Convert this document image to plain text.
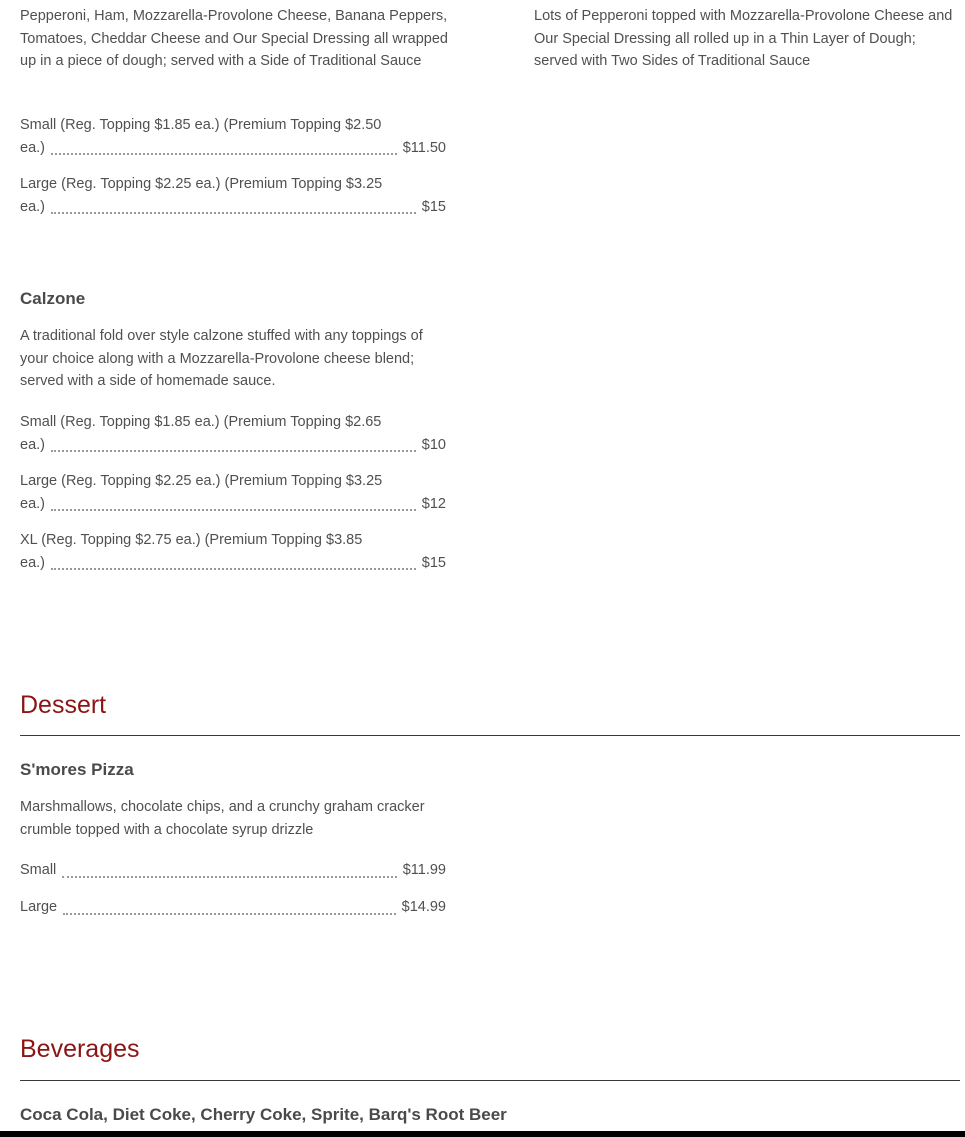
Pepperoni, Ham, Mozzarella-Provolone Cheese, Banana Peppers, Tomatoes, Cheddar Cheese and Our Special Dressing all wrapped up in a piece of dough; served with a Side of Traditional Sauce

Small (Reg. Topping $1.85 ea.) (Premium Topping $2.50
ea.)	$11.50
Large (Reg. Topping $2.25 ea.) (Premium Topping $3.25
ea.)	$15

Lots of Pepperoni topped with Mozzarella-Provolone Cheese and Our Special Dressing all rolled up in a Thin Layer of Dough; served with Two Sides of Traditional Sauce

Calzone

A traditional fold over style calzone stuffed with any toppings of your choice along with a Mozzarella-Provolone cheese blend; served with a side of homemade sauce.

Small (Reg. Topping $1.85 ea.) (Premium Topping $2.65
ea.)	$10
Large (Reg. Topping $2.25 ea.) (Premium Topping $3.25
ea.)	$12
XL (Reg. Topping $2.75 ea.) (Premium Topping $3.85
ea.)	$15
Dessert
S'mores Pizza

Marshmallows, chocolate chips, and a crunchy graham cracker crumble topped with a chocolate syrup drizzle

Small	$11.99
Large	$14.99
Beverages
Coca Cola, Diet Coke, Cherry Coke, Sprite, Barq's Root Beer
